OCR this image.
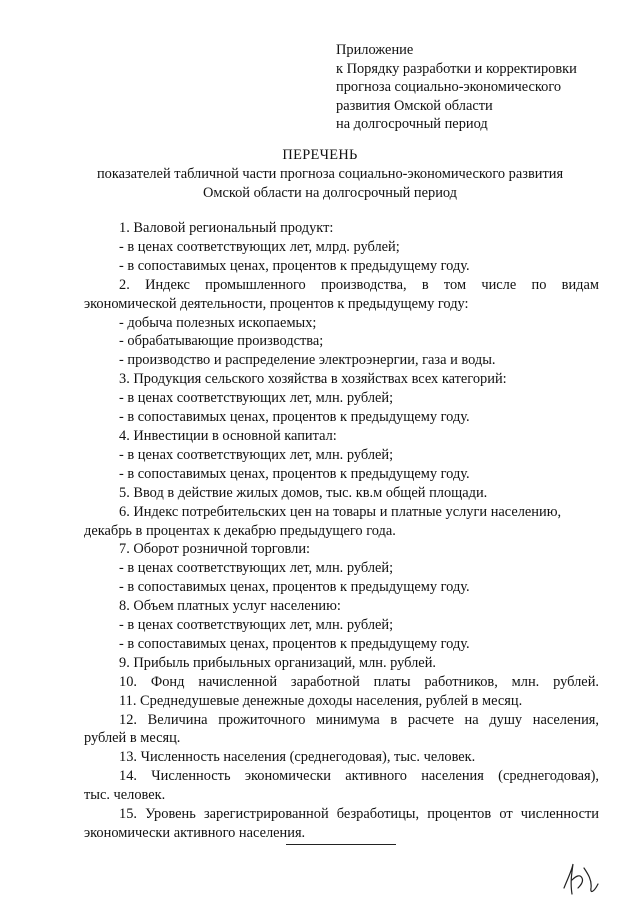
Приложение
к Порядку разработки и корректировки
прогноза социально-экономического
развития Омской области
на долгосрочный период
ПЕРЕЧЕНЬ
показателей табличной части прогноза социально-экономического развития
Омской области на долгосрочный период
1. Валовой региональный продукт:
- в ценах соответствующих лет, млрд. рублей;
- в сопоставимых ценах, процентов к предыдущему году.
2. Индекс промышленного производства, в том числе по видам
экономической деятельности, процентов к предыдущему году:
- добыча полезных ископаемых;
- обрабатывающие производства;
- производство и распределение электроэнергии, газа и воды.
3. Продукция сельского хозяйства в хозяйствах всех категорий:
- в ценах соответствующих лет, млн. рублей;
- в сопоставимых ценах, процентов к предыдущему году.
4. Инвестиции в основной капитал:
- в ценах соответствующих лет, млн. рублей;
- в сопоставимых ценах, процентов к предыдущему году.
5. Ввод в действие жилых домов, тыс. кв.м общей площади.
6. Индекс потребительских цен на товары и платные услуги населению,
декабрь в процентах к декабрю предыдущего года.
7. Оборот розничной торговли:
- в ценах соответствующих лет, млн. рублей;
- в сопоставимых ценах, процентов к предыдущему году.
8. Объем платных услуг населению:
- в ценах соответствующих лет, млн. рублей;
- в сопоставимых ценах, процентов к предыдущему году.
9. Прибыль прибыльных организаций, млн. рублей.
10. Фонд начисленной заработной платы работников, млн. рублей.
11. Среднедушевые денежные доходы населения, рублей в месяц.
12. Величина прожиточного минимума в расчете на душу населения,
рублей в месяц.
13. Численность населения (среднегодовая), тыс. человек.
14. Численность экономически активного населения (среднегодовая),
тыс. человек.
15. Уровень зарегистрированной безработицы, процентов от численности
экономически активного населения.
